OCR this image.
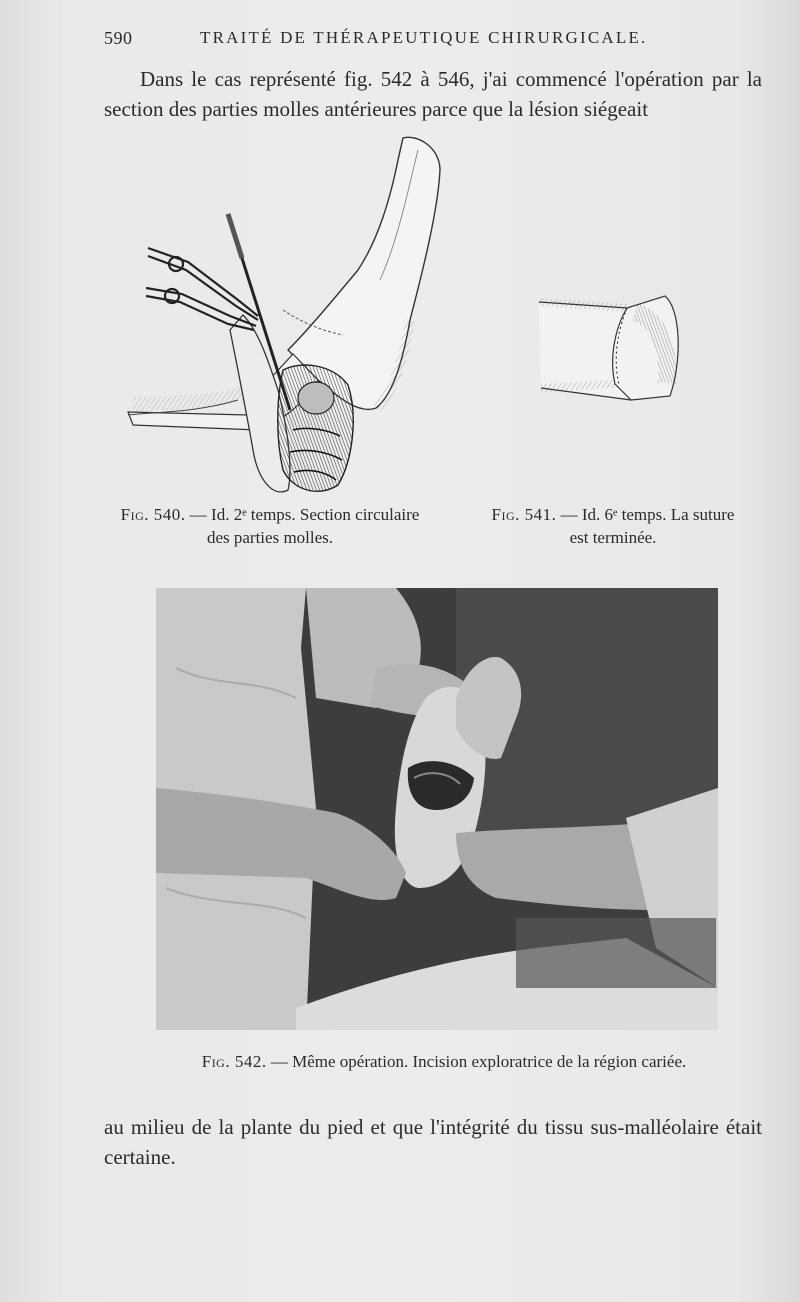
590	TRAITÉ DE THÉRAPEUTIQUE CHIRURGICALE.

Dans le cas représenté fig. 542 à 546, j'ai commencé l'opération par la section des parties molles antérieures parce que la lésion siégeait

Fig. 540. — Id. 2ᵉ temps. Section circulaire des parties molles.
Fig. 541. — Id. 6ᵉ temps. La suture est terminée.
Fig. 542. — Même opération. Incision exploratrice de la région cariée.

au milieu de la plante du pied et que l'intégrité du tissu sus-malléolaire était certaine.
